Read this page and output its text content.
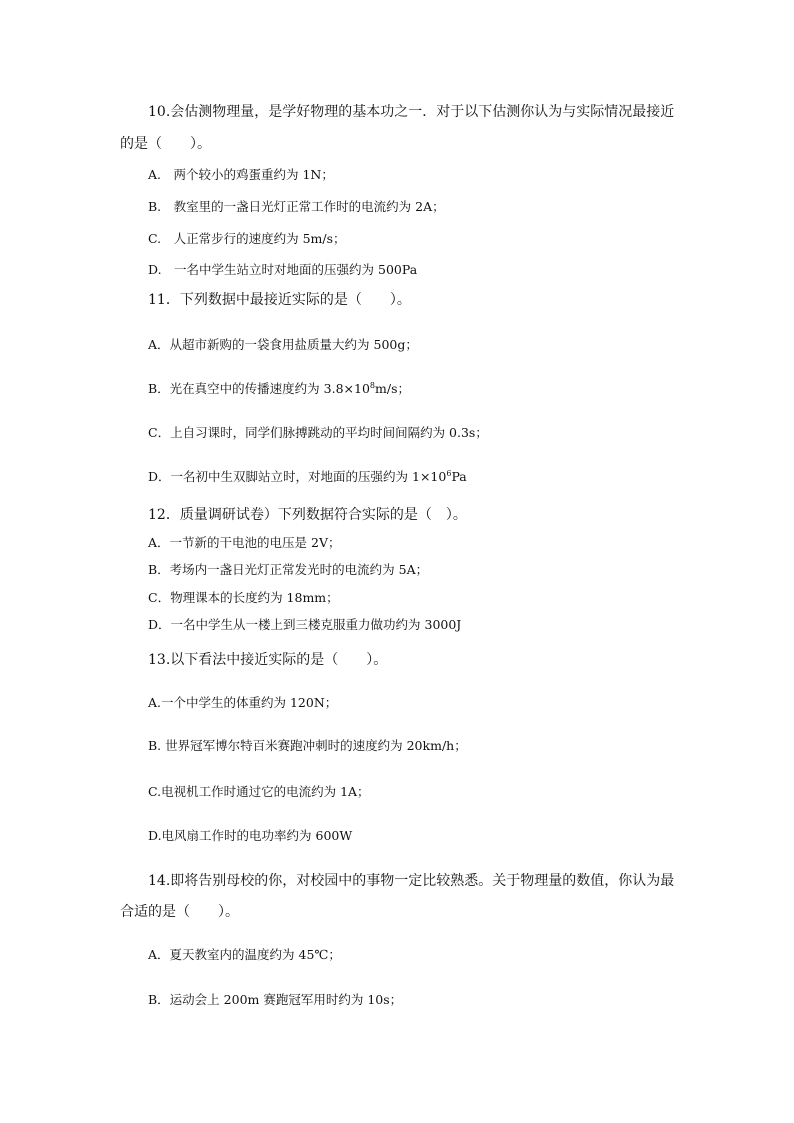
10.会估测物理量，是学好物理的基本功之一．对于以下估测你认为与实际情况最接近
的是（　　）。
A.　两个较小的鸡蛋重约为 1N；
B.　教室里的一盏日光灯正常工作时的电流约为 2A；
C.　人正常步行的速度约为 5m/s；
D.　一名中学生站立时对地面的压强约为 500Pa
11．下列数据中最接近实际的是（　　）。
A．从超市新购的一袋食用盐质量大约为 500g；
B．光在真空中的传播速度约为 $3.8\times 10^8m/s$；
C．上自习课时，同学们脉搏跳动的平均时间间隔约为 0.3s；
D．一名初中生双脚站立时，对地面的压强约为 $1\times 10^6Pa$
12．质量调研试卷）下列数据符合实际的是（　）。
A．一节新的干电池的电压是 2V；
B．考场内一盏日光灯正常发光时的电流约为 5A；
C．物理课本的长度约为 18mm；
D．一名中学生从一楼上到三楼克服重力做功约为 3000J
13.以下看法中接近实际的是（　　）。
A.一个中学生的体重约为 120N；
B. 世界冠军博尔特百米赛跑冲刺时的速度约为 20km/h；
C.电视机工作时通过它的电流约为 1A；
D.电风扇工作时的电功率约为 600W
14.即将告别母校的你，对校园中的事物一定比较熟悉。关于物理量的数值，你认为最
合适的是（　　）。
A．夏天教室内的温度约为 45℃；
B．运动会上 200m 赛跑冠军用时约为 10s；
